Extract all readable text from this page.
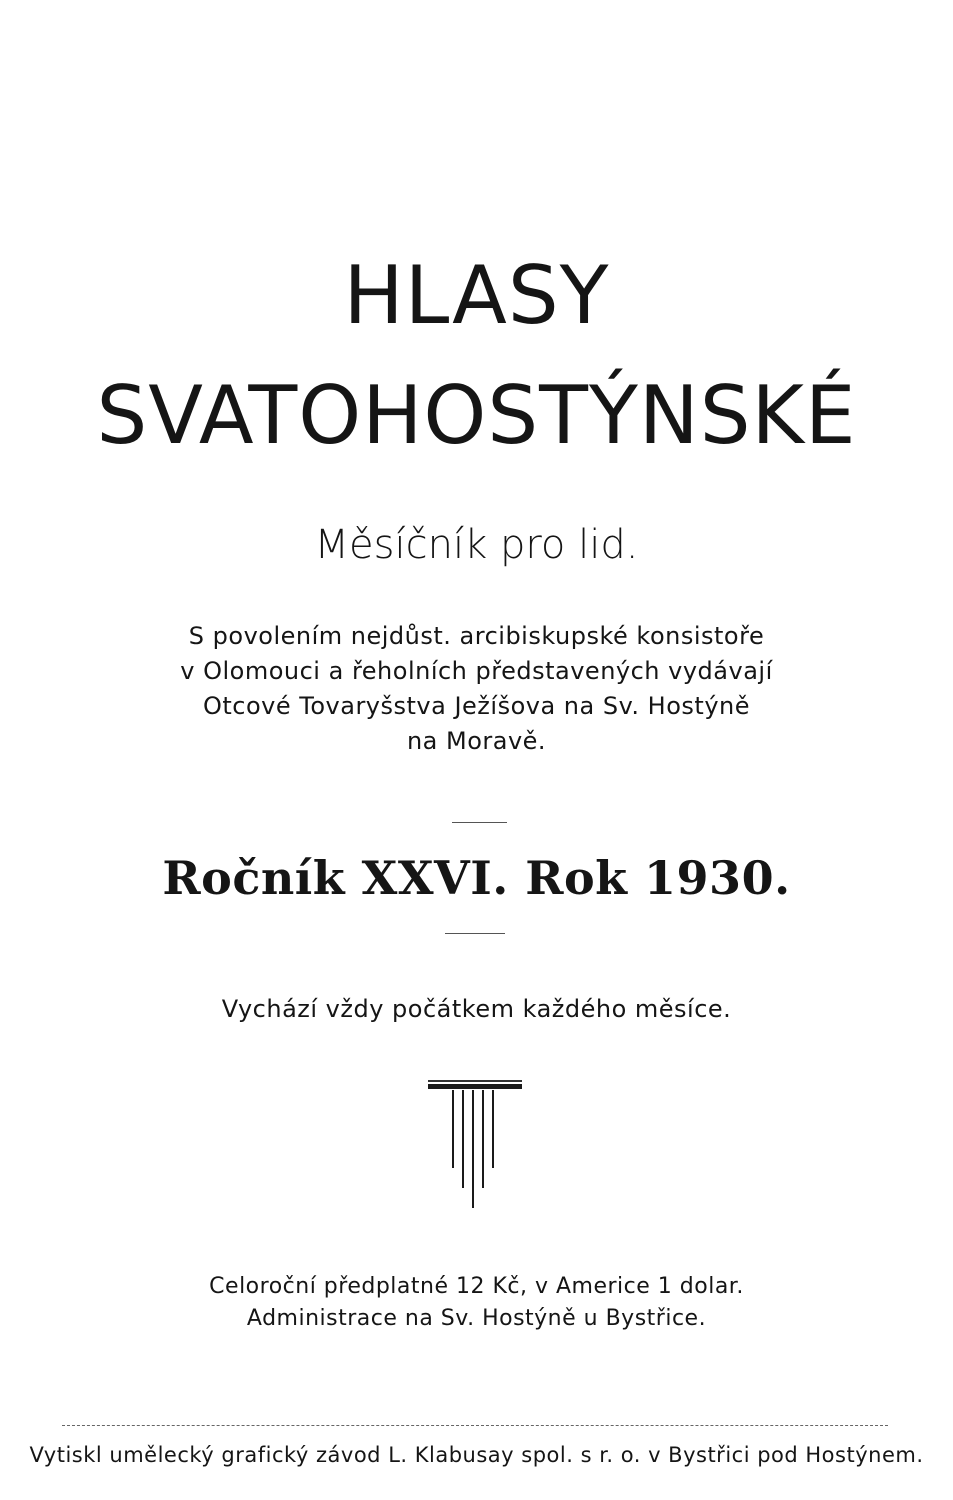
HLASY
SVATOHOSTÝNSKÉ
Měsíčník pro lid.
S povolením nejdůst. arcibiskupské konsistoře
v Olomouci a řeholních představených vydávají
Otcové Tovaryšstva Ježíšova na Sv. Hostýně
na Moravě.
Ročník XXVI. Rok 1930.
Vychází vždy počátkem každého měsíce.
Celoroční předplatné 12 Kč, v Americe 1 dolar.
Administrace na Sv. Hostýně u Bystřice.
Vytiskl umělecký grafický závod L. Klabusay spol. s r. o. v Bystřici pod Hostýnem.
